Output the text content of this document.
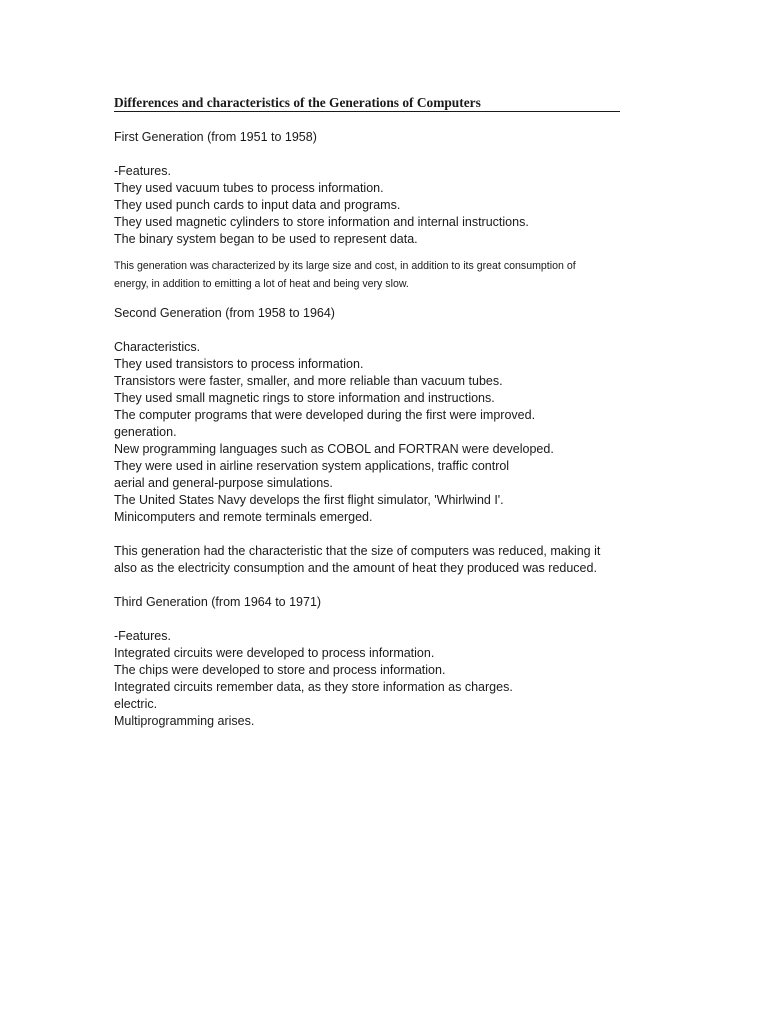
Differences and characteristics of the Generations of Computers

First Generation (from 1951 to 1958)

-Features.

They used vacuum tubes to process information.

They used punch cards to input data and programs.

They used magnetic cylinders to store information and internal instructions.

The binary system began to be used to represent data.

This generation was characterized by its large size and cost, in addition to its great consumption of

energy, in addition to emitting a lot of heat and being very slow.

Second Generation (from 1958 to 1964)

Characteristics.

They used transistors to process information.

Transistors were faster, smaller, and more reliable than vacuum tubes.

They used small magnetic rings to store information and instructions.

The computer programs that were developed during the first were improved.

generation.

New programming languages such as COBOL and FORTRAN were developed.

They were used in airline reservation system applications, traffic control

aerial and general-purpose simulations.

The United States Navy develops the first flight simulator, 'Whirlwind I'.

Minicomputers and remote terminals emerged.

This generation had the characteristic that the size of computers was reduced, making it

also as the electricity consumption and the amount of heat they produced was reduced.

Third Generation (from 1964 to 1971)

-Features.

Integrated circuits were developed to process information.

The chips were developed to store and process information.

Integrated circuits remember data, as they store information as charges.

electric.

Multiprogramming arises.
